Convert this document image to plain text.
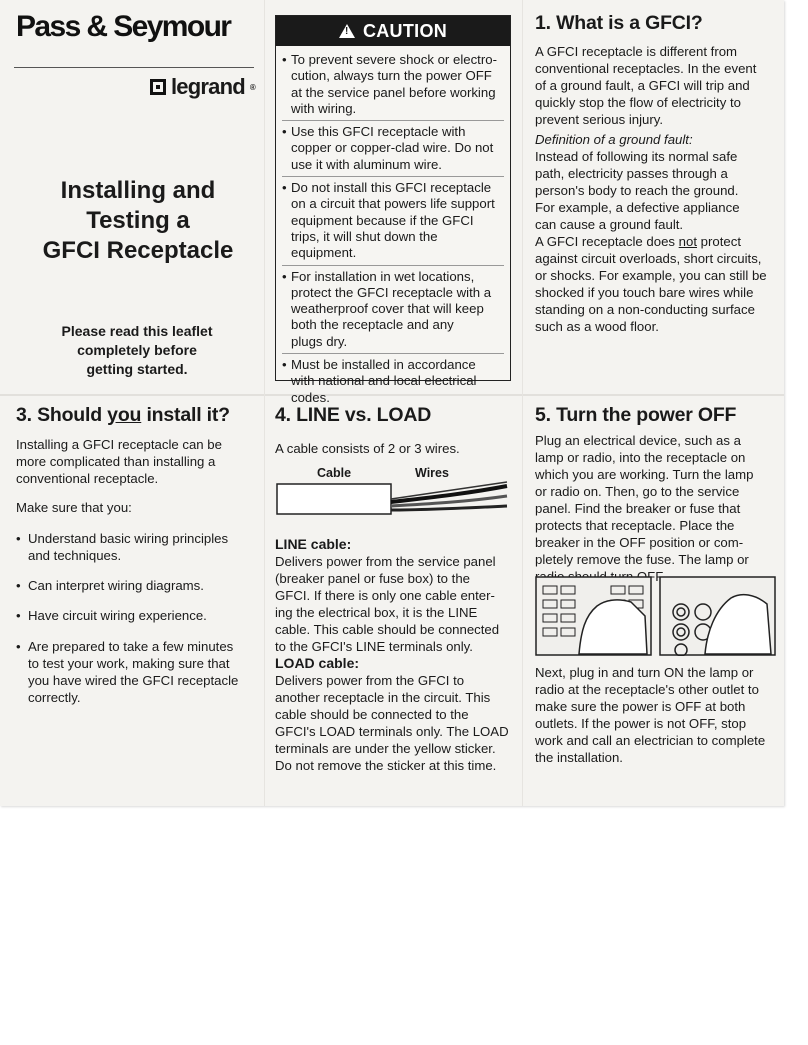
Pass & Seymour
legrand ®
Installing and
Testing a
GFCI Receptacle
Please read this leaflet
completely before
getting started.
!
CAUTION
• To prevent severe shock or electro-
cution, always turn the power OFF
at the service panel before working
with wiring.
• Use this GFCI receptacle with
copper or copper-clad wire. Do not
use it with aluminum wire.
• Do not install this GFCI receptacle
on a circuit that powers life support
equipment because if the GFCI
trips, it will shut down the
equipment.
• For installation in wet locations,
protect the GFCI receptacle with a
weatherproof cover that will keep
both the receptacle and any
plugs dry.
• Must be installed in accordance
with national and local electrical
codes.
1. What is a GFCI?
A GFCI receptacle is different from
conventional receptacles. In the event
of a ground fault, a GFCI will trip and
quickly stop the flow of electricity to
prevent serious injury.
Definition of a ground fault:
Instead of following its normal safe
path, electricity passes through a
person's body to reach the ground.
For example, a defective appliance
can cause a ground fault.
A GFCI receptacle does not protect
against circuit overloads, short circuits,
or shocks. For example, you can still be
shocked if you touch bare wires while
standing on a non-conducting surface
such as a wood floor.
3. Should you install it?
Installing a GFCI receptacle can be
more complicated than installing a
conventional receptacle.
Make sure that you:
• Understand basic wiring principles
and techniques.
• Can interpret wiring diagrams.
• Have circuit wiring experience.
• Are prepared to take a few minutes
to test your work, making sure that
you have wired the GFCI receptacle
correctly.
4. LINE vs. LOAD
A cable consists of 2 or 3 wires.
Cable	Wires
LINE cable:
Delivers power from the service panel
(breaker panel or fuse box) to the
GFCI. If there is only one cable enter-
ing the electrical box, it is the LINE
cable. This cable should be connected
to the GFCI's LINE terminals only.
LOAD cable:
Delivers power from the GFCI to
another receptacle in the circuit. This
cable should be connected to the
GFCI's LOAD terminals only. The LOAD
terminals are under the yellow sticker.
Do not remove the sticker at this time.
5. Turn the power OFF
Plug an electrical device, such as a
lamp or radio, into the receptacle on
which you are working. Turn the lamp
or radio on. Then, go to the service
panel. Find the breaker or fuse that
protects that receptacle. Place the
breaker in the OFF position or com-
pletely remove the fuse. The lamp or
Next, plug in and turn ON the lamp or
radio at the receptacle's other outlet to
make sure the power is OFF at both
outlets. If the power is not OFF, stop
work and call an electrician to complete
the installation.
